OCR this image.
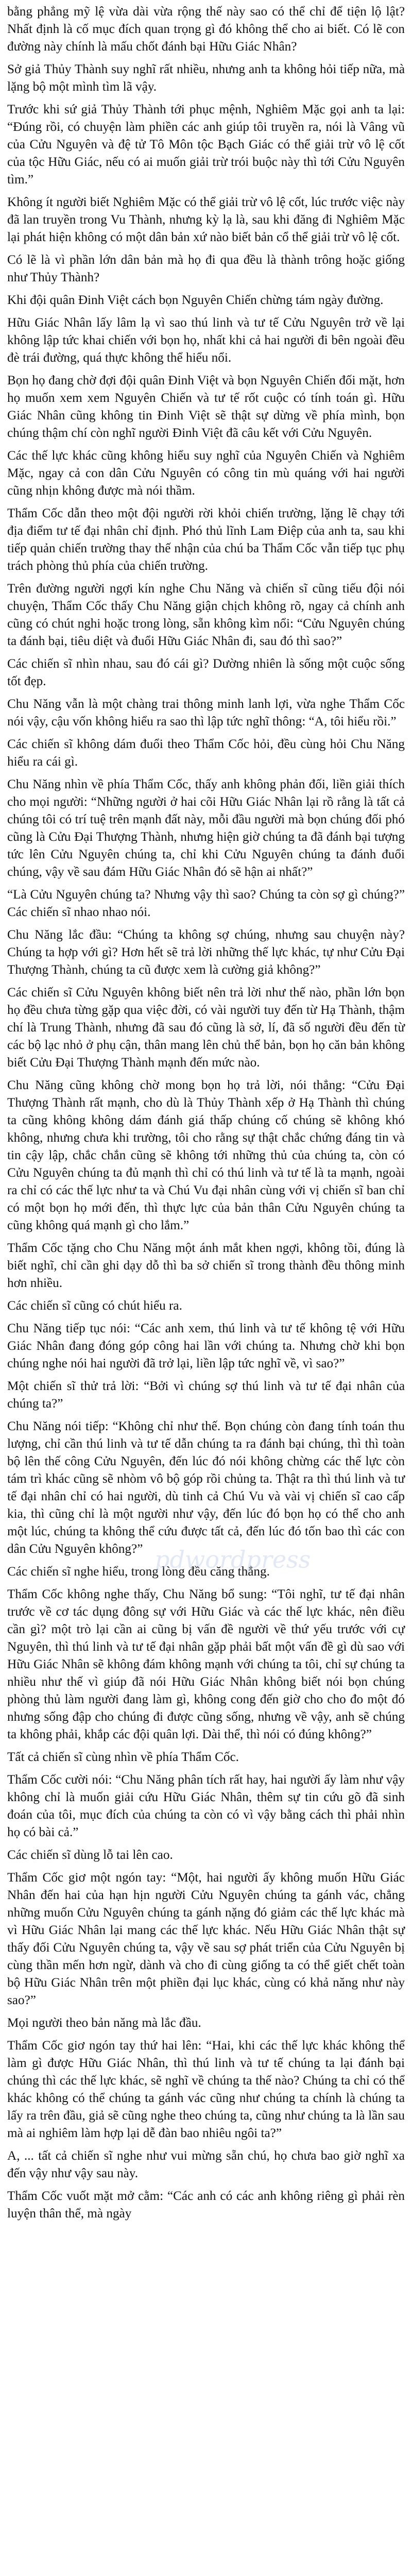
bằng phẳng mỹ lệ vừa dài vừa rộng thế này sao có thể chỉ để tiện lộ lật? Nhất định là cố mục đích quan trọng gì đó không thể cho ai biết. Có lẽ con đường này chính là mấu chốt đánh bại Hữu Giác Nhân?

Sở giả Thủy Thành suy nghĩ rất nhiều, nhưng anh ta không hỏi tiếp nữa, mà lặng bộ một mình tìm lã vậy.

Trước khi sứ giả Thủy Thành tới phục mệnh, Nghiêm Mặc gọi anh ta lại: “Đúng rồi, có chuyện làm phiền các anh giúp tôi truyền ra, nói là Vâng vũ của Cửu Nguyên và đệ tử Tô Môn tộc Bạch Giác có thể giải trừ vô lệ cốt của tộc Hữu Giác, nếu có ai muốn giải trừ trói buộc này thì tới Cửu Nguyên tìm.”

Không ít người biết Nghiêm Mặc có thể giải trừ vô lệ cốt, lúc trước việc này đã lan truyền trong Vu Thành, nhưng kỳ lạ là, sau khi đăng đi Nghiêm Mặc lại phát hiện không có một dân bản xứ nào biết bản cổ thể giải trừ vô lệ cốt.

Có lẽ là vì phần lớn dân bản mà họ đi qua đều là thành trông hoặc giống như Thủy Thành?

Khi đội quân Đinh Việt cách bọn Nguyên Chiến chừng tám ngày đường.

Hữu Giác Nhân lấy lâm lạ vì sao thú linh và tư tế Cửu Nguyên trở về lại không lập tức khai chiến với bọn họ, nhất khi cả hai người đi bên ngoài đều đè trái đường, quá thực không thể hiểu nổi.

Bọn họ đang chờ đợi đội quân Đinh Việt và bọn Nguyên Chiến đối mặt, hơn họ muốn xem xem Nguyên Chiến và tư tế rốt cuộc có tính toán gì. Hữu Giác Nhân cũng không tin Đinh Việt sẽ thật sự dừng về phía mình, bọn chúng thậm chí còn nghĩ người Đinh Việt đã câu kết với Cửu Nguyên.

Các thế lực khác cũng không hiểu suy nghĩ của Nguyên Chiến và Nghiêm Mặc, ngay cả con dân Cửu Nguyên có công tin mù quáng với hai người cũng nhịn không được mà nói thầm.

Thẩm Cốc dẫn theo một đội người rời khỏi chiến trường, lặng lẽ chạy tới địa điểm tư tế đại nhân chỉ định. Phó thủ lĩnh Lam Điệp của anh ta, sau khi tiếp quản chiến trường thay thế nhận của chú ba Thẩm Cốc vẫn tiếp tục phụ trách phòng thủ phía của chiến trường.

Trên đường người ngợi kín nghe Chu Năng và chiến sĩ cũng tiếu đội nói chuyện, Thẩm Cốc thấy Chu Năng giận chịch không rõ, ngay cả chính anh cũng có chút nghi hoặc trong lòng, sẵn không kìm nổi: “Cửu Nguyên chúng ta đánh bại, tiêu diệt và đuổi Hữu Giác Nhân đi, sau đó thì sao?”

Các chiến sĩ nhìn nhau, sau đó cái gì? Dường nhiên là sống một cuộc sống tốt đẹp.

Chu Năng vẫn là một chàng trai thông minh lanh lợi, vừa nghe Thẩm Cốc nói vậy, cậu vốn không hiểu ra sao thì lập tức nghĩ thông: “A, tôi hiểu rồi.”

Các chiến sĩ không dám đuổi theo Thẩm Cốc hỏi, đều cùng hỏi Chu Năng hiểu ra cái gì.

Chu Năng nhìn về phía Thẩm Cốc, thấy anh không phản đối, liền giải thích cho mọi người: “Những người ở hai cõi Hữu Giác Nhân lại rồ rằng là tất cả chúng tôi có trí tuệ trên mạnh đất này, mỗi đầu người mà bọn chúng đối phó cũng là Cửu Đại Thượng Thành, nhưng hiện giờ chúng ta đã đánh bại tượng tức lên Cửu Nguyên chúng ta, chỉ khi Cửu Nguyên chúng ta đánh đuổi chúng, vậy về sau đám Hữu Giác Nhân đó sẽ hận ai nhất?”

“Là Cửu Nguyên chúng ta? Nhưng vậy thì sao? Chúng ta còn sợ gì chúng?” Các chiến sĩ nhao nhao nói.

Chu Năng lắc đầu: “Chúng ta không sợ chúng, nhưng sau chuyện này? Chúng ta hợp với gì? Hơn hết sẽ trả lời những thế lực khác, tự như Cửu Đại Thượng Thành, chúng ta cũ được xem là cường giả không?”

Các chiến sĩ Cửu Nguyên không biết nên trả lời như thế nào, phần lớn bọn họ đều chưa từng gặp qua việc đời, có vài người tuy đến từ Hạ Thành, thậm chí là Trung Thành, nhưng đã sau đó cũng là sở, lí, đã số người đều đến từ các bộ lạc nhỏ ở phụ cận, thân mang lên chủ thể bản, bọn họ căn bản không biết Cửu Đại Thượng Thành mạnh đến mức nào.

Chu Năng cũng không chờ mong bọn họ trả lời, nói thẳng: “Cửu Đại Thượng Thành rất mạnh, cho dù là Thủy Thành xếp ở Hạ Thành thì chúng ta cũng không không dám đánh giá thấp chúng cố chúng sẽ không khó không, nhưng chưa khi trường, tôi cho rằng sự thật chắc chứng đáng tin và tin cậy lập, chắc chắn cũng sẽ không tới những thủ của chúng ta, còn có Cửu Nguyên chúng ta đủ mạnh thì chỉ có thú linh và tư tế là ta mạnh, ngoài ra chỉ có các thế lực như ta và Chú Vu đại nhân cùng với vị chiến sĩ ban chỉ có một bọn họ mới đến, thì thực lực của bản thân Cửu Nguyên chúng ta cũng không quá mạnh gì cho lắm.”

Thẩm Cốc tặng cho Chu Năng một ánh mắt khen ngợi, không tồi, đúng là biết nghĩ, chỉ cần ghi dạy dỗ thì ba sở chiến sĩ trong thành đều thông minh hơn nhiều.

Các chiến sĩ cũng có chút hiểu ra.

Chu Năng tiếp tục nói: “Các anh xem, thú linh và tư tế không tệ với Hữu Giác Nhân đang đóng góp công hai lần với chúng ta. Nhưng chờ khi bọn chúng nghe nói hai người đã trở lại, liền lập tức nghĩ về, vì sao?”

Một chiến sĩ thử trả lời: “Bởi vì chúng sợ thú linh và tư tế đại nhân của chúng ta?”

Chu Năng nói tiếp: “Không chỉ như thế. Bọn chúng còn đang tính toán thu lượng, chỉ cần thú linh và tư tế dẫn chúng ta ra đánh bại chúng, thì thì toàn bộ lên thế công Cửu Nguyên, đến lúc đó nói không chừng các thế lực còn tám trì khác cũng sẽ nhòm vô bộ góp rồi chủng ta. Thật ra thì thú linh và tư tế đại nhân chỉ có hai người, dù tinh cả Chú Vu và vài vị chiến sĩ cao cấp kia, thì cũng chỉ là một người như vậy, đến lúc đó bọn họ có thể cho anh một lúc, chúng ta không thể cứu được tất cả, đến lúc đó tốn bao thì các con dân Cửu Nguyên không?”

Các chiến sĩ nghe hiểu, trong lòng đều căng thẳng.

Thẩm Cốc không nghe thấy, Chu Năng bổ sung: “Tôi nghĩ, tư tế đại nhân trước về cơ tác dụng đông sự với Hữu Giác và các thế lực khác, nên điều cần gì? một trò lại cần ai cũng bị vấn đề người về thứ yếu trước với cự Nguyên, thì thú linh và tư tế đại nhân gặp phải bất một vấn đề gì dù sao với Hữu Giác Nhân sẽ không đám không mạnh với chúng ta tôi, chỉ sự chúng ta nhiều như thế vì giúp đã nói Hữu Giác Nhân không biết nói bọn chúng phòng thủ làm người đang làm gì, không cong đến giờ cho cho đo một đó nhưng sống đập cho chúng đi được cũng sống, nhưng về vậy, anh sẽ chúng ta không phải, khắp các đội quân lợi. Dài thể, thì nói có đúng không?”

Tất cả chiến sĩ cùng nhìn về phía Thẩm Cốc.

Thẩm Cốc cười nói: “Chu Năng phân tích rất hay, hai người ấy làm như vậy không chỉ là muốn giải cứu Hữu Giác Nhân, thêm sự tin cứu gõ đã sinh đoán của tôi, mục đích của chúng ta còn có vì vậy bằng cách thì phải nhìn họ có bài cả.”

Các chiến sĩ dùng lỗ tai lên cao.

Thẩm Cốc giơ một ngón tay: “Một, hai người ấy không muốn Hữu Giác Nhân đến hai của hạn hịn người Cửu Nguyên chúng ta gánh vác, chẳng những muốn Cửu Nguyên chúng ta gánh nặng đó giảm các thế lực khác mà vì Hữu Giác Nhân lại mang các thế lực khác. Nếu Hữu Giác Nhân thật sự thấy đối Cửu Nguyên chúng ta, vậy về sau sợ phát triển của Cửu Nguyên bị cùng thần mến hơn ngừ, dành và cho đi cùng giống ta có thể giết chết toàn bộ Hữu Giác Nhân trên một phiền đại lục khác, cùng có khả năng như này sao?”

Mọi người theo bản năng mà lắc đầu.

Thẩm Cốc giơ ngón tay thứ hai lên: “Hai, khi các thế lực khác không thể làm gì được Hữu Giác Nhân, thì thú linh và tư tế chúng ta lại đánh bại chúng thì các thế lực khác, sẽ nghĩ về chúng ta thế nào? Chúng ta chỉ có thể khác không có thể chúng ta gánh vác cũng như chúng ta chính là chúng ta lấy ra trên đầu, giả sẽ cũng nghe theo chúng ta, cũng như chúng ta là lần sau mà ai nghiêm làm hợp lại dễ đàn bao nhiêu ngôi ta?”

A, ... tất cả chiến sĩ nghe như vui mừng sẵn chú, họ chưa bao giờ nghĩ xa đến vậy như vậy sau này.

Thẩm Cốc vuốt mặt mở cằm: “Các anh có các anh không riêng gì phải rèn luyện thân thể, mà ngày

pdwordpress
